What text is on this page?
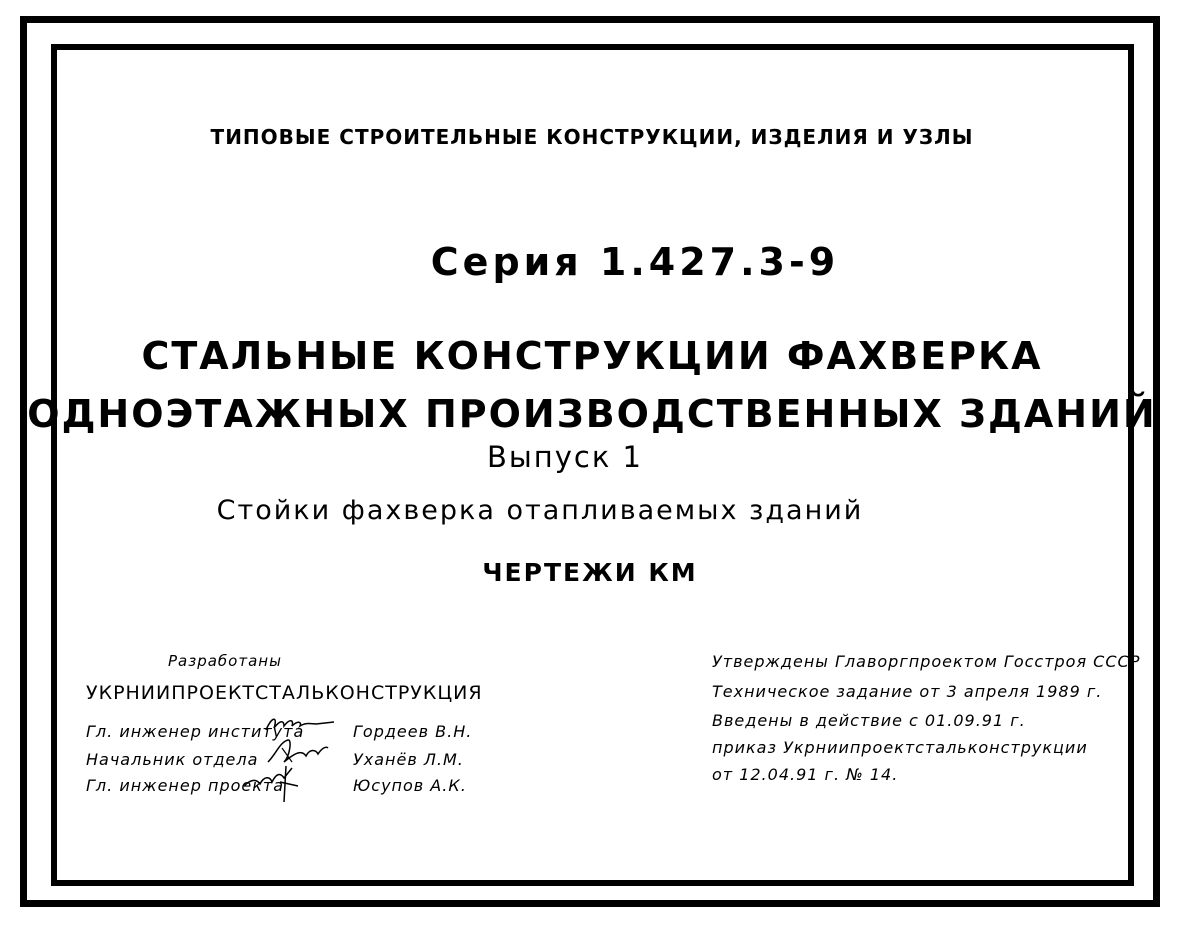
ТИПОВЫЕ СТРОИТЕЛЬНЫЕ КОНСТРУКЦИИ, ИЗДЕЛИЯ И УЗЛЫ
Серия 1.427.3-9
СТАЛЬНЫЕ КОНСТРУКЦИИ ФАХВЕРКА
ОДНОЭТАЖНЫХ ПРОИЗВОДСТВЕННЫХ ЗДАНИЙ
Выпуск 1
Стойки фахверка отапливаемых зданий
ЧЕРТЕЖИ КМ
Разработаны
УКРНИИПРОЕКТСТАЛЬКОНСТРУКЦИЯ
Гл. инженер института	Гордеев В.Н.
Начальник отдела	Уханёв Л.М.
Гл. инженер проекта	Юсупов А.К.
Утверждены Главоргпроектом Госстроя СССР
Техническое задание от 3 апреля 1989 г.
Введены в действие с 01.09.91 г.
приказ Укрниипроектстальконструкции
от 12.04.91 г. № 14.
